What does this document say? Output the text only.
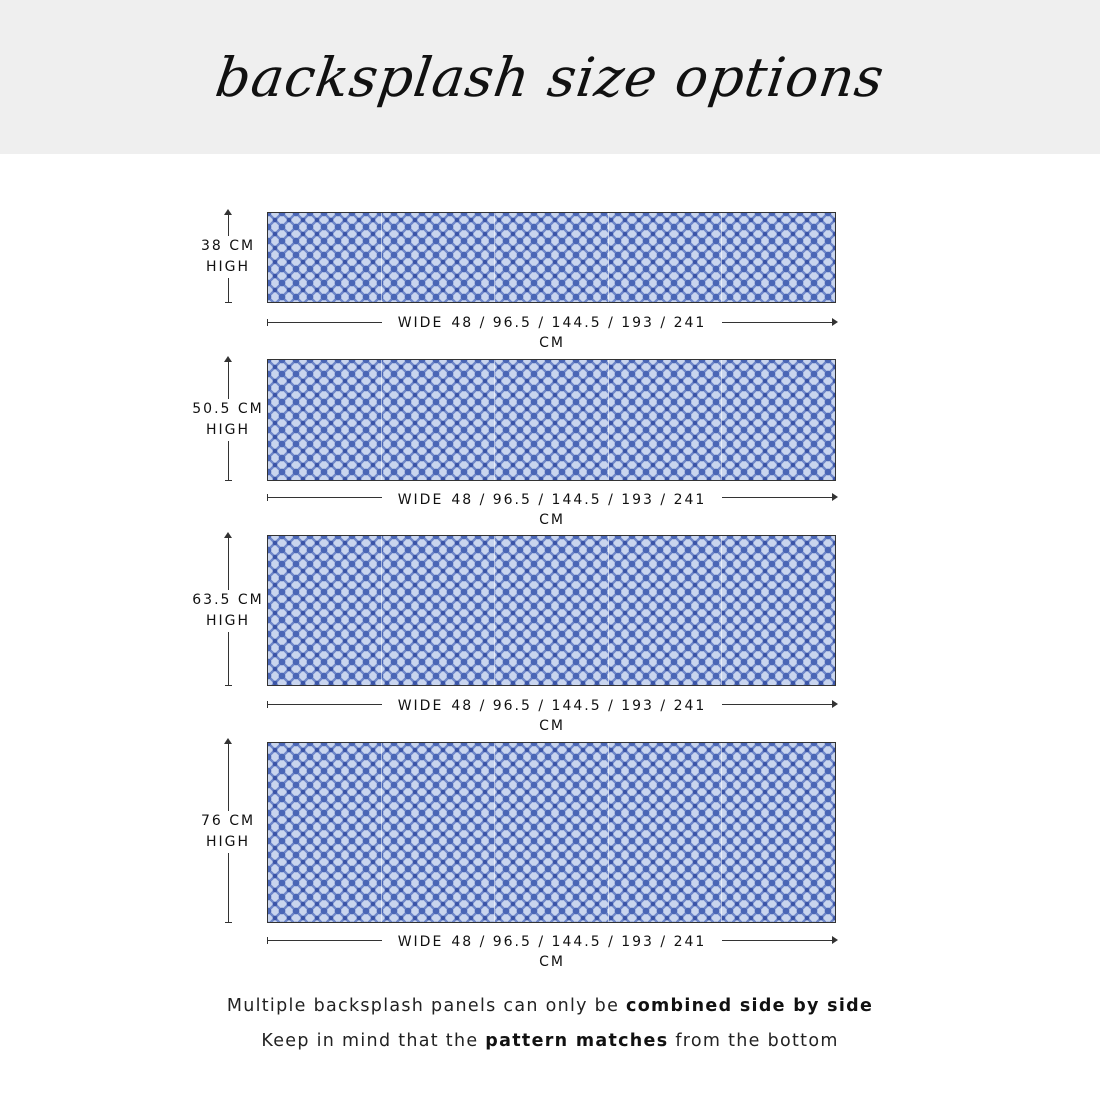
backsplash size options
38 CM
HIGH
WIDE 48 / 96.5 / 144.5 / 193 / 241 CM
50.5 CM
HIGH
WIDE 48 / 96.5 / 144.5 / 193 / 241 CM
63.5 CM
HIGH
WIDE 48 / 96.5 / 144.5 / 193 / 241 CM
76 CM
HIGH
WIDE 48 / 96.5 / 144.5 / 193 / 241 CM
Multiple backsplash panels can only be combined side by side
Keep in mind that the pattern matches from the bottom
